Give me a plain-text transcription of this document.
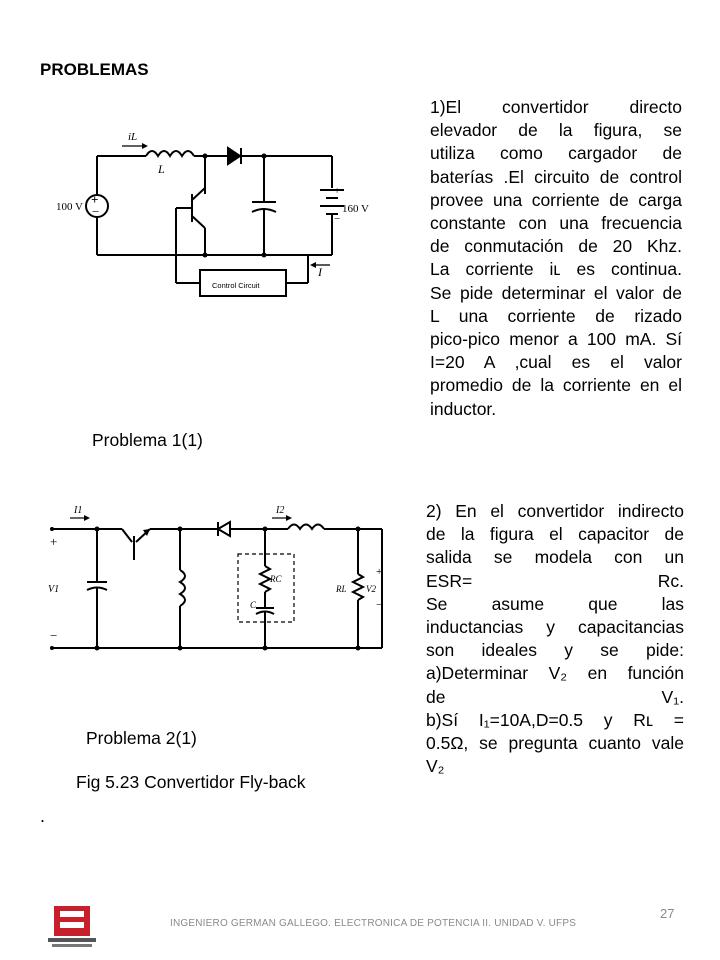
PROBLEMAS
+
−
100 V	160 V
+
−
iL
L
I
Control Circuit
1)El convertidor directo
elevador de la figura, se
utiliza como cargador de
baterías .El circuito de control
provee una corriente de carga
constante con una frecuencia
de conmutación de 20 Khz.
La corriente iʟ es continua.
Se pide determinar el valor de
L una corriente de rizado
pico-pico menor a 100 mA. Sí
I=20 A ,cual es el valor
promedio de la corriente en el
inductor.
Problema 1(1)
I1	I2
+
V1
−
RC
C
RL V2
+
−
2) En el convertidor indirecto
de la figura el capacitor de
salida se modela con un
ESR= Rᴄ.
Se asume que las
inductancias y capacitancias
son ideales y se pide:
a)Determinar V₂ en función
de V₁.
b)Sí I₁=10A,D=0.5 y Rʟ =
0.5Ω, se pregunta cuanto vale
V₂
Problema 2(1)
Fig 5.23 Convertidor Fly-back
.
INGENIERO GERMAN GALLEGO. ELECTRONICA DE POTENCIA II. UNIDAD V. UFPS
27
